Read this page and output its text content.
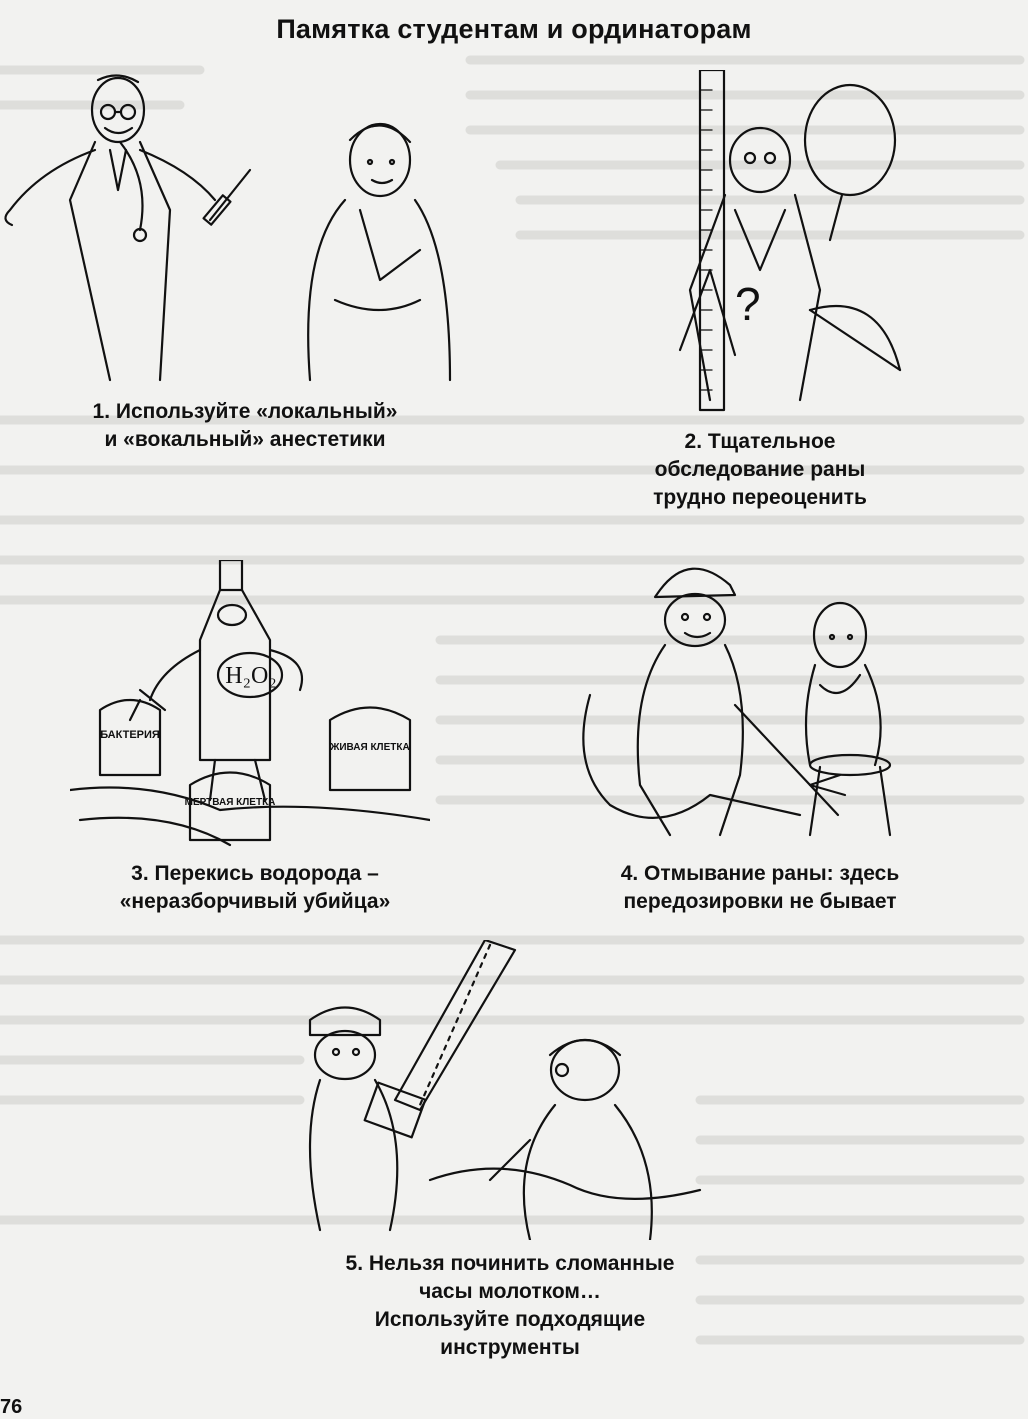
Памятка студентам и ординаторам
1. Используйте «локальный»
и «вокальный» анестетики
?
2. Тщательное
обследование раны
трудно переоценить
H₂O₂
БАКТЕРИЯ
МЕРТВАЯ КЛЕТКА
ЖИВАЯ КЛЕТКА
3. Перекись водорода –
«неразборчивый убийца»
4. Отмывание раны: здесь
передозировки не бывает
5. Нельзя починить сломанные
часы молотком…
Используйте подходящие
инструменты
76
